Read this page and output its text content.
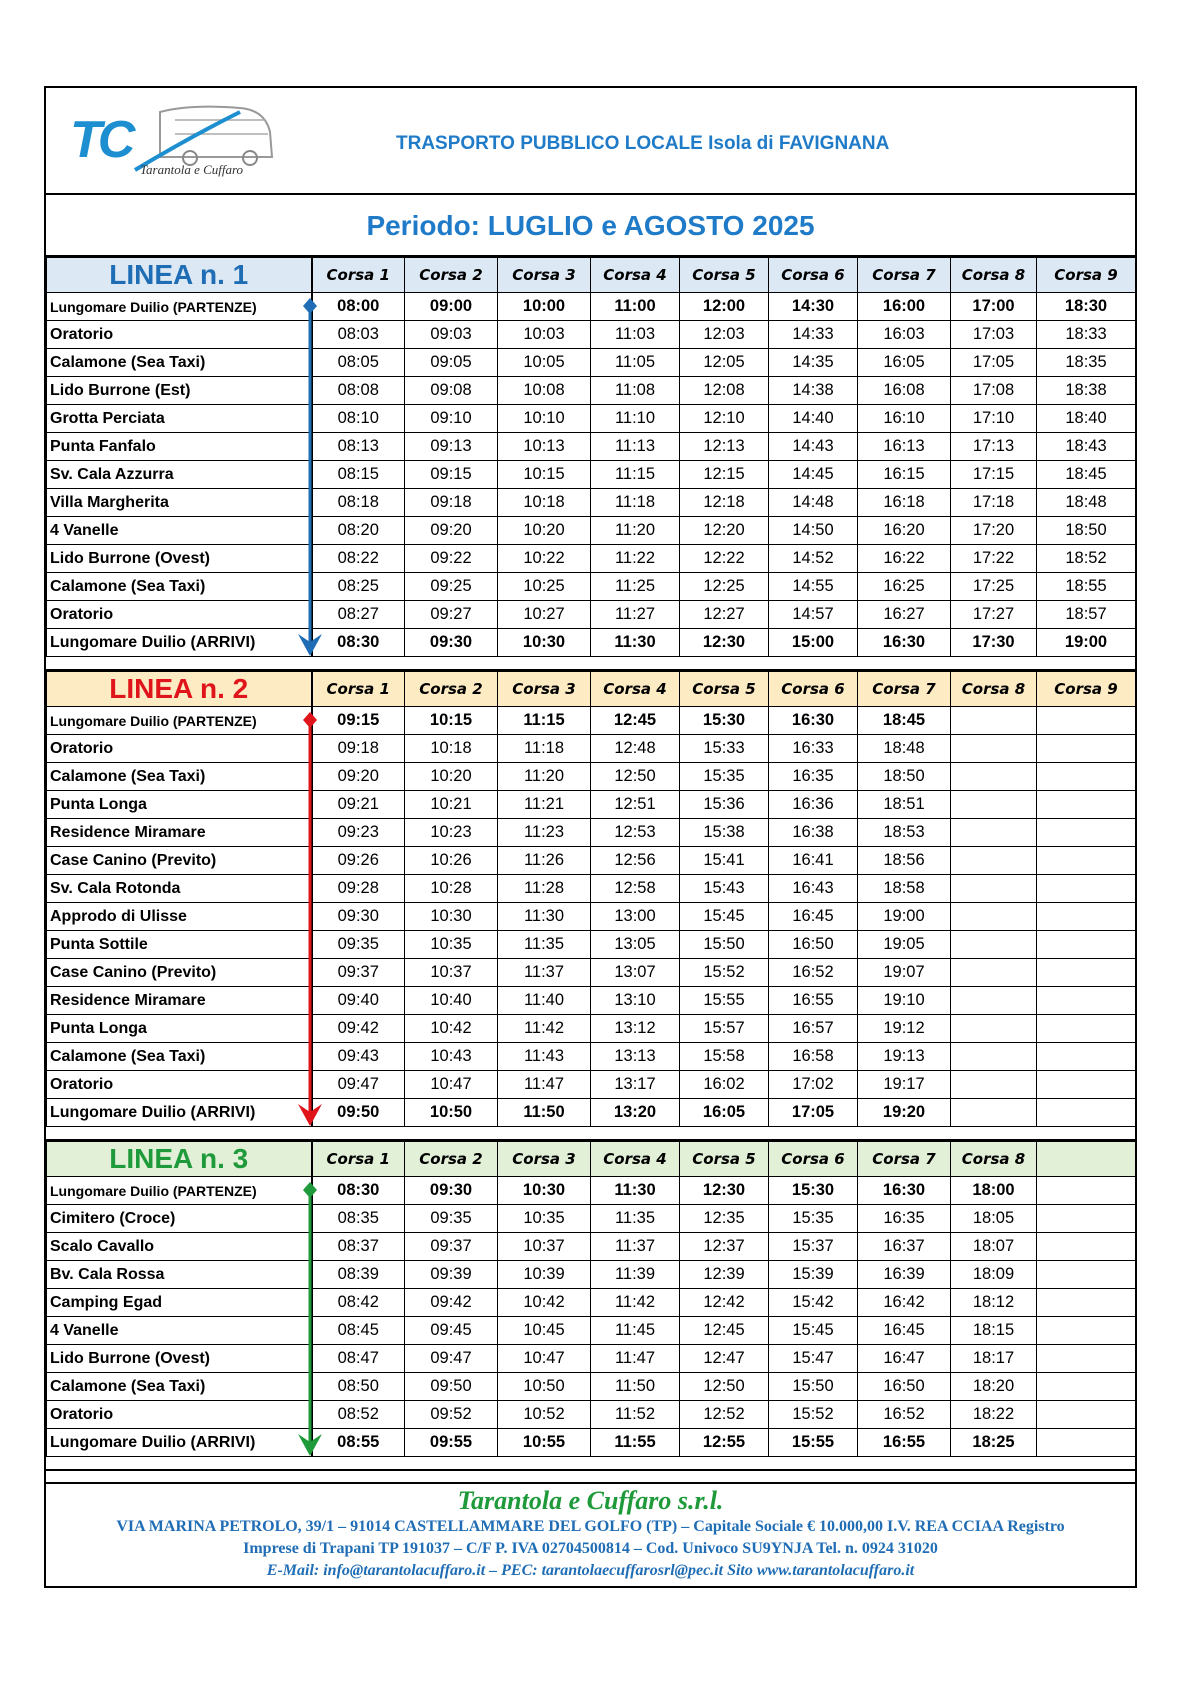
TC
Tarantola e Cuffaro
TRASPORTO PUBBLICO LOCALE Isola di FAVIGNANA
Periodo: LUGLIO e AGOSTO 2025
LINEA n. 1	Corsa 1	Corsa 2	Corsa 3	Corsa 4	Corsa 5	Corsa 6	Corsa 7	Corsa 8	Corsa 9
Lungomare Duilio (PARTENZE)	08:00	09:00	10:00	11:00	12:00	14:30	16:00	17:00	18:30
Oratorio	08:03	09:03	10:03	11:03	12:03	14:33	16:03	17:03	18:33
Calamone (Sea Taxi)	08:05	09:05	10:05	11:05	12:05	14:35	16:05	17:05	18:35
Lido Burrone (Est)	08:08	09:08	10:08	11:08	12:08	14:38	16:08	17:08	18:38
Grotta Perciata	08:10	09:10	10:10	11:10	12:10	14:40	16:10	17:10	18:40
Punta Fanfalo	08:13	09:13	10:13	11:13	12:13	14:43	16:13	17:13	18:43
Sv. Cala Azzurra	08:15	09:15	10:15	11:15	12:15	14:45	16:15	17:15	18:45
Villa Margherita	08:18	09:18	10:18	11:18	12:18	14:48	16:18	17:18	18:48
4 Vanelle	08:20	09:20	10:20	11:20	12:20	14:50	16:20	17:20	18:50
Lido Burrone (Ovest)	08:22	09:22	10:22	11:22	12:22	14:52	16:22	17:22	18:52
Calamone (Sea Taxi)	08:25	09:25	10:25	11:25	12:25	14:55	16:25	17:25	18:55
Oratorio	08:27	09:27	10:27	11:27	12:27	14:57	16:27	17:27	18:57
Lungomare Duilio (ARRIVI)	08:30	09:30	10:30	11:30	12:30	15:00	16:30	17:30	19:00
LINEA n. 2	Corsa 1	Corsa 2	Corsa 3	Corsa 4	Corsa 5	Corsa 6	Corsa 7	Corsa 8	Corsa 9
Lungomare Duilio (PARTENZE)	09:15	10:15	11:15	12:45	15:30	16:30	18:45		
Oratorio	09:18	10:18	11:18	12:48	15:33	16:33	18:48		
Calamone (Sea Taxi)	09:20	10:20	11:20	12:50	15:35	16:35	18:50		
Punta Longa	09:21	10:21	11:21	12:51	15:36	16:36	18:51		
Residence Miramare	09:23	10:23	11:23	12:53	15:38	16:38	18:53		
Case Canino (Previto)	09:26	10:26	11:26	12:56	15:41	16:41	18:56		
Sv. Cala Rotonda	09:28	10:28	11:28	12:58	15:43	16:43	18:58		
Approdo di Ulisse	09:30	10:30	11:30	13:00	15:45	16:45	19:00		
Punta Sottile	09:35	10:35	11:35	13:05	15:50	16:50	19:05		
Case Canino (Previto)	09:37	10:37	11:37	13:07	15:52	16:52	19:07		
Residence Miramare	09:40	10:40	11:40	13:10	15:55	16:55	19:10		
Punta Longa	09:42	10:42	11:42	13:12	15:57	16:57	19:12		
Calamone (Sea Taxi)	09:43	10:43	11:43	13:13	15:58	16:58	19:13		
Oratorio	09:47	10:47	11:47	13:17	16:02	17:02	19:17		
Lungomare Duilio (ARRIVI)	09:50	10:50	11:50	13:20	16:05	17:05	19:20		
LINEA n. 3	Corsa 1	Corsa 2	Corsa 3	Corsa 4	Corsa 5	Corsa 6	Corsa 7	Corsa 8	
Lungomare Duilio (PARTENZE)	08:30	09:30	10:30	11:30	12:30	15:30	16:30	18:00	
Cimitero (Croce)	08:35	09:35	10:35	11:35	12:35	15:35	16:35	18:05	
Scalo Cavallo	08:37	09:37	10:37	11:37	12:37	15:37	16:37	18:07	
Bv. Cala Rossa	08:39	09:39	10:39	11:39	12:39	15:39	16:39	18:09	
Camping Egad	08:42	09:42	10:42	11:42	12:42	15:42	16:42	18:12	
4 Vanelle	08:45	09:45	10:45	11:45	12:45	15:45	16:45	18:15	
Lido Burrone (Ovest)	08:47	09:47	10:47	11:47	12:47	15:47	16:47	18:17	
Calamone (Sea Taxi)	08:50	09:50	10:50	11:50	12:50	15:50	16:50	18:20	
Oratorio	08:52	09:52	10:52	11:52	12:52	15:52	16:52	18:22	
Lungomare Duilio (ARRIVI)	08:55	09:55	10:55	11:55	12:55	15:55	16:55	18:25	
Tarantola e Cuffaro s.r.l.
VIA MARINA PETROLO, 39/1 – 91014 CASTELLAMMARE DEL GOLFO (TP) – Capitale Sociale € 10.000,00 I.V. REA CCIAA Registro
Imprese di Trapani TP 191037 – C/F P. IVA 02704500814 – Cod. Univoco SU9YNJA Tel. n. 0924 31020
E-Mail: info@tarantolacuffaro.it – PEC: tarantolaecuffarosrl@pec.it Sito www.tarantolacuffaro.it
